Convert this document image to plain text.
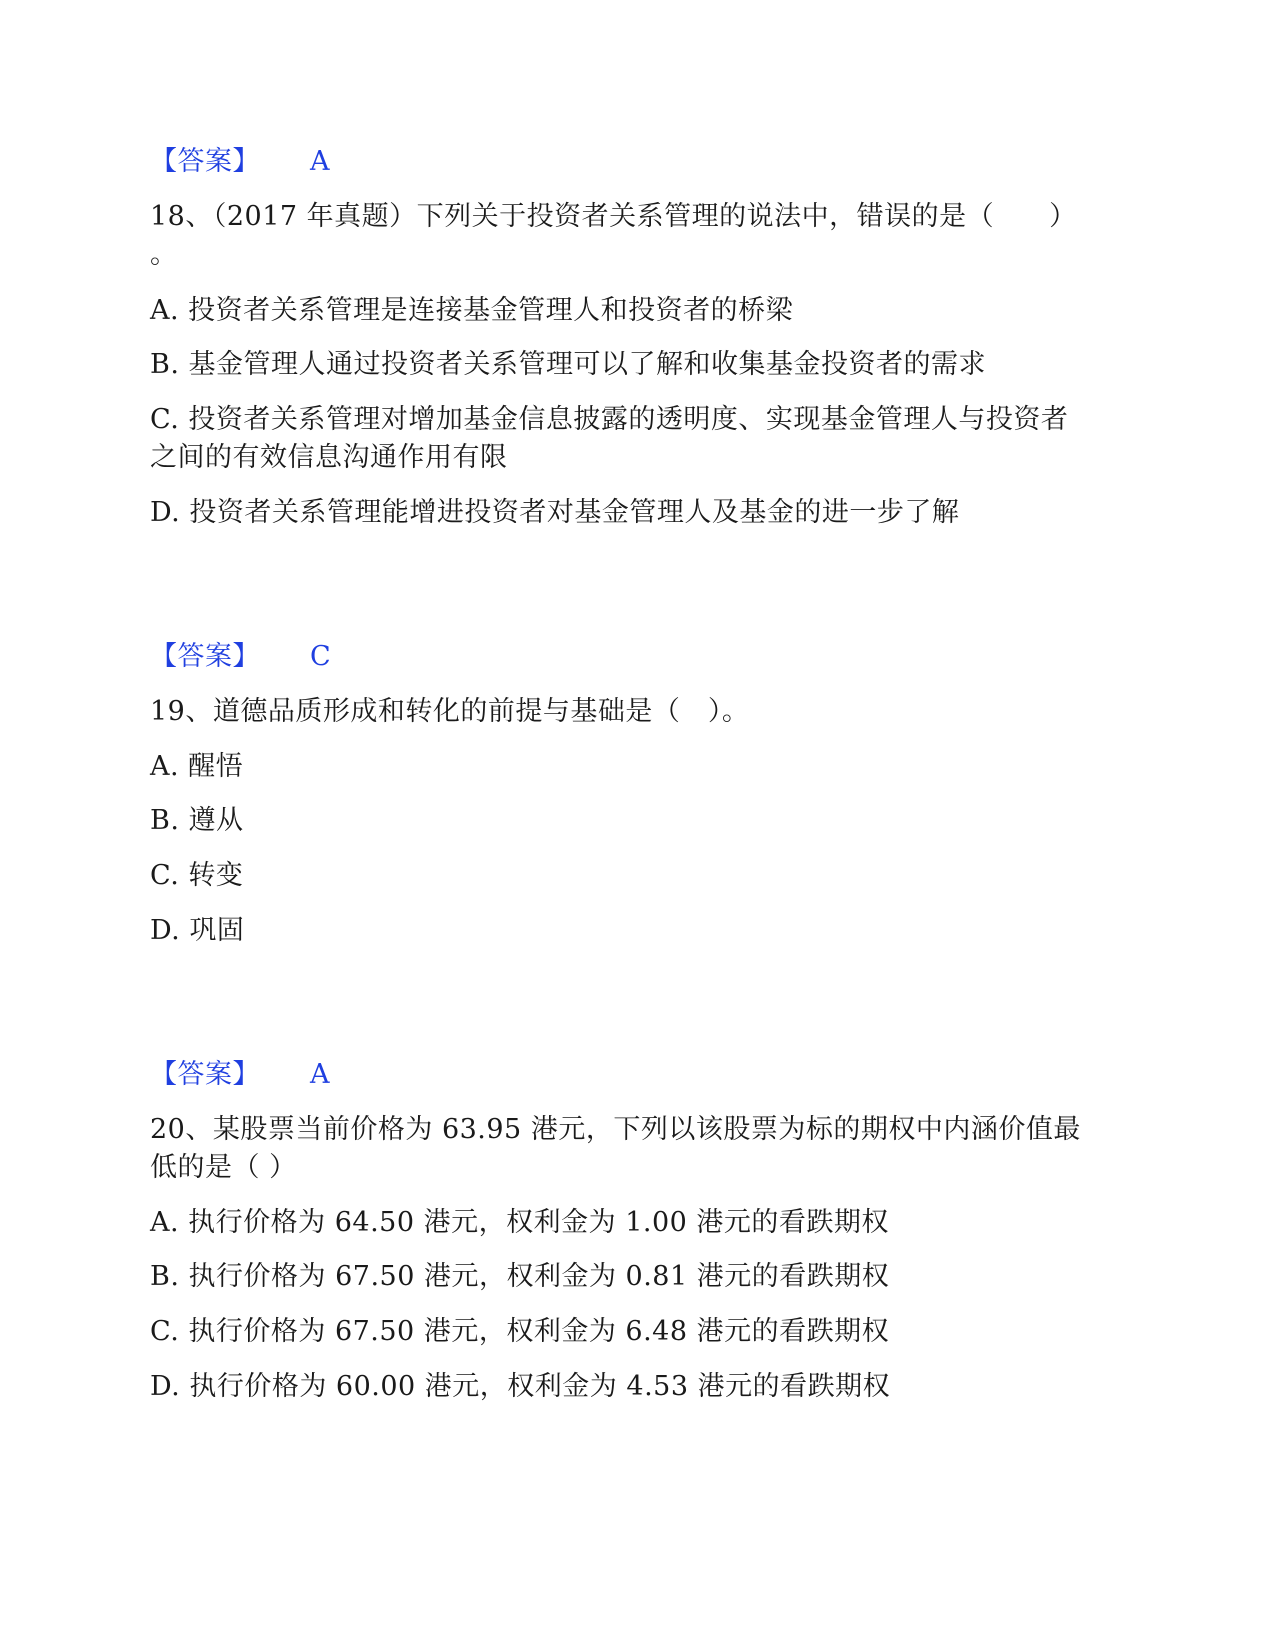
【答案】 A
18、（2017 年真题）下列关于投资者关系管理的说法中，错误的是（　　）
。
A. 投资者关系管理是连接基金管理人和投资者的桥梁
B. 基金管理人通过投资者关系管理可以了解和收集基金投资者的需求
C. 投资者关系管理对增加基金信息披露的透明度、实现基金管理人与投资者
之间的有效信息沟通作用有限
D. 投资者关系管理能增进投资者对基金管理人及基金的进一步了解
【答案】 C
19、道德品质形成和转化的前提与基础是（　）。
A. 醒悟
B. 遵从
C. 转变
D. 巩固
【答案】 A
20、某股票当前价格为 63.95 港元，下列以该股票为标的期权中内涵价值最
低的是（ ）
A. 执行价格为 64.50 港元，权利金为 1.00 港元的看跌期权
B. 执行价格为 67.50 港元，权利金为 0.81 港元的看跌期权
C. 执行价格为 67.50 港元，权利金为 6.48 港元的看跌期权
D. 执行价格为 60.00 港元，权利金为 4.53 港元的看跌期权
